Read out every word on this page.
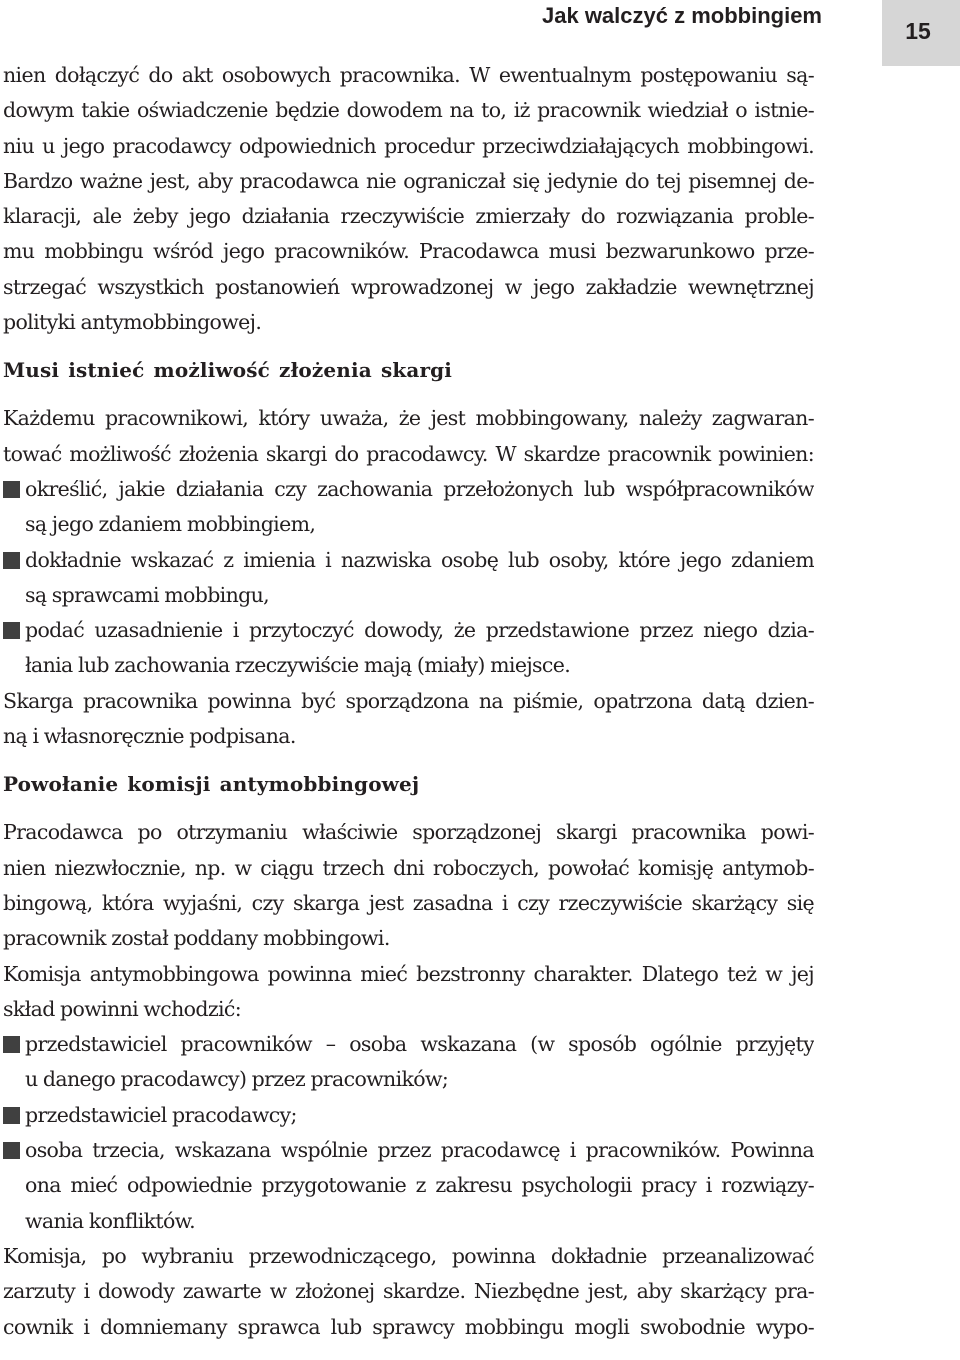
Jak walczyć z mobbingiem
15
nien dołączyć do akt osobowych pracownika. W ewentualnym postępowaniu są-
dowym takie oświadczenie będzie dowodem na to, iż pracownik wiedział o istnie-
niu u jego pracodawcy odpowiednich procedur przeciwdziałających mobbingowi.
Bardzo ważne jest, aby pracodawca nie ograniczał się jedynie do tej pisemnej de-
klaracji, ale żeby jego działania rzeczywiście zmierzały do rozwiązania proble-
mu mobbingu wśród jego pracowników. Pracodawca musi bezwarunkowo prze-
strzegać wszystkich postanowień wprowadzonej w jego zakładzie wewnętrznej
polityki antymobbingowej.
Musi istnieć możliwość złożenia skargi
Każdemu pracownikowi, który uważa, że jest mobbingowany, należy zagwaran-
tować możliwość złożenia skargi do pracodawcy. W skardze pracownik powinien:
określić, jakie działania czy zachowania przełożonych lub współpracowników
są jego zdaniem mobbingiem,
dokładnie wskazać z imienia i nazwiska osobę lub osoby, które jego zdaniem
są sprawcami mobbingu,
podać uzasadnienie i przytoczyć dowody, że przedstawione przez niego dzia-
łania lub zachowania rzeczywiście mają (miały) miejsce.
Skarga pracownika powinna być sporządzona na piśmie, opatrzona datą dzien-
ną i własnoręcznie podpisana.
Powołanie komisji antymobbingowej
Pracodawca po otrzymaniu właściwie sporządzonej skargi pracownika powi-
nien niezwłocznie, np. w ciągu trzech dni roboczych, powołać komisję antymob-
bingową, która wyjaśni, czy skarga jest zasadna i czy rzeczywiście skarżący się
pracownik został poddany mobbingowi.
Komisja antymobbingowa powinna mieć bezstronny charakter. Dlatego też w jej
skład powinni wchodzić:
przedstawiciel pracowników – osoba wskazana (w sposób ogólnie przyjęty
u danego pracodawcy) przez pracowników;
przedstawiciel pracodawcy;
osoba trzecia, wskazana wspólnie przez pracodawcę i pracowników. Powinna
ona mieć odpowiednie przygotowanie z zakresu psychologii pracy i rozwiązy-
wania konfliktów.
Komisja, po wybraniu przewodniczącego, powinna dokładnie przeanalizować
zarzuty i dowody zawarte w złożonej skardze. Niezbędne jest, aby skarżący pra-
cownik i domniemany sprawca lub sprawcy mobbingu mogli swobodnie wypo-
